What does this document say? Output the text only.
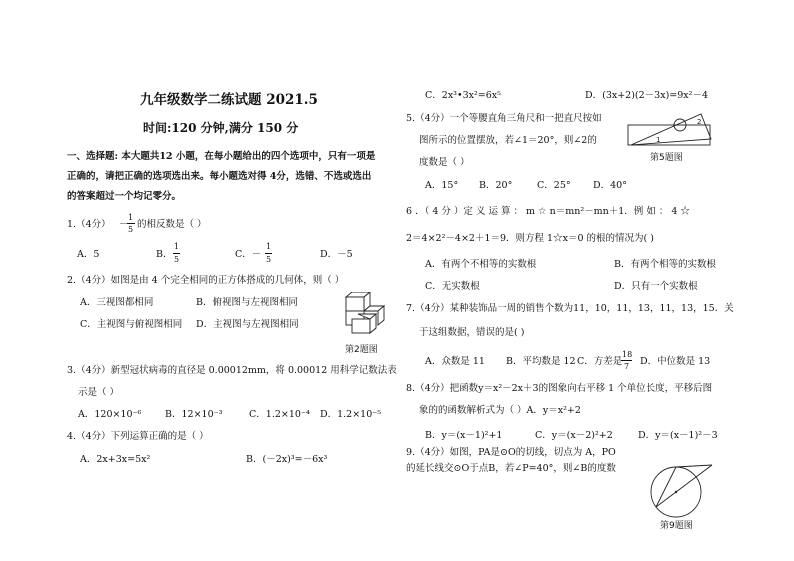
九年级数学二练试题 2021.5
时间:120 分钟,满分 150 分
一、选择题: 本大题共12 小题，在每小题给出的四个选项中，只有一项是
正确的，请把正确的选项选出来。每小题选对得 4分，选错、不选或选出
的答案超过一个均记零分。
1.（4分） －
1
5 的相反数是（ ）
A．5	B．
1
5	C．－
1
5	D．－5
2.（4分）如图是由 4 个完全相同的正方体搭成的几何体，则（ ）
A．三视图都相同	B．俯视图与左视图相同
C．主视图与俯视图相同 D．主视图与左视图相同
第2题图
3.（4分）新型冠状病毒的直径是 0.00012mm，将 0.00012 用科学记数法表
示是（ ）
A．120×10⁻⁶ B．12×10⁻³	C．1.2×10⁻⁴ D．1.2×10⁻⁵
4.（4分）下列运算正确的是（ ）
A．2x+3x=5x²	B．(－2x)³=－6x³
C．2x³•3x²=6x⁵	D．(3x+2)(2－3x)=9x²－4
5.（4分）一个等腰直角三角尺和一把直尺按如
图所示的位置摆放，若∠1＝20°，则∠2的
度数是（ ）
A．15° B．20°	C．25° D．40°
1
2
第5题图
6 ．（ 4 分 ）定 义 运 算 ： m ☆ n＝mn²－mn＋1．例 如 ： 4 ☆
2＝4×2²－4×2＋1＝9．则方程 1☆x＝0 的根的情况为( )
A．有两个不相等的实数根	B．有两个相等的实数根
C．无实数根	D．只有一个实数根
7.（4分）某种装饰品一周的销售个数为11，10，11，13，11，13，15．关
于这组数据，错误的是( )
A．众数是 11 B．平均数是 12 C．方差是
18
7 D．中位数是 13
8.（4分）把函数y＝x²－2x＋3的图象向右平移 1 个单位长度，平移后图
象的的函数解析式为（ ）A．y＝x²+2
B．y＝(x－1)²+1	C．y＝(x－2)²+2	D．y＝(x－1)²－3
9.（4分）如图，PA是⊙O的切线，切点为 A，PO
的延长线交⊙O于点B，若∠P=40°，则∠B的度数
第9题图
